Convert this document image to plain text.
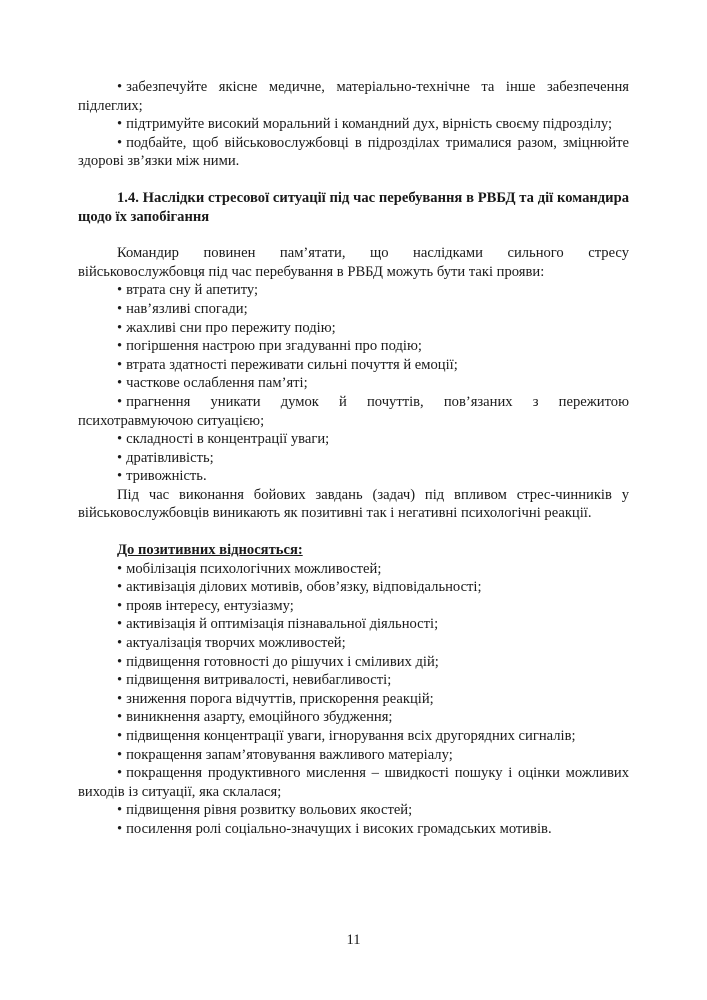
• забезпечуйте якісне медичне, матеріально-технічне та інше забезпечення підлеглих;
• підтримуйте високий моральний і командний дух, вірність своєму підрозділу;
• подбайте, щоб військовослужбовці в підрозділах трималися разом, зміцнюйте здорові зв’язки між ними.

1.4. Наслідки стресової ситуації під час перебування в РВБД та дії командира щодо їх запобігання

Командир повинен пам’ятати, що наслідками сильного стресу військовослужбовця під час перебування в РВБД можуть бути такі прояви:

• втрата сну й апетиту;
• нав’язливі спогади;
• жахливі сни про пережиту подію;
• погіршення настрою при згадуванні про подію;
• втрата здатності переживати сильні почуття й емоції;
• часткове ослаблення пам’яті;
• прагнення уникати думок й почуттів, пов’язаних з пережитою психотравмуючою ситуацією;
• складності в концентрації уваги;
• дратівливість;
• тривожність.

Під час виконання бойових завдань (задач) під впливом стрес-чинників у військовослужбовців виникають як позитивні так і негативні психологічні реакції.

До позитивних відносяться:

• мобілізація психологічних можливостей;
• активізація ділових мотивів, обов’язку, відповідальності;
• прояв інтересу, ентузіазму;
• активізація й оптимізація пізнавальної діяльності;
• актуалізація творчих можливостей;
• підвищення готовності до рішучих і сміливих дій;
• підвищення витривалості, невибагливості;
• зниження порога відчуттів, прискорення реакцій;
• виникнення азарту, емоційного збудження;
• підвищення концентрації уваги, ігнорування всіх другорядних сигналів;
• покращення запам’ятовування важливого матеріалу;
• покращення продуктивного мислення – швидкості пошуку і оцінки можливих виходів із ситуації, яка склалася;
• підвищення рівня розвитку вольових якостей;
• посилення ролі соціально-значущих і високих громадських мотивів.
11
